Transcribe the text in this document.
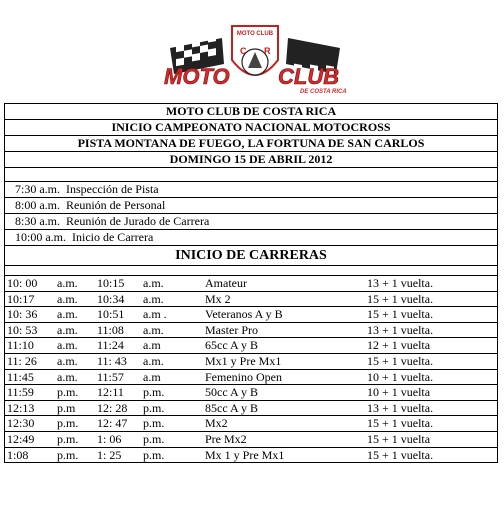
MOTO CLUB
C R
MOTO CLUB
DE COSTA RICA
MOTO CLUB DE COSTA RICA
INICIO CAMPEONATO NACIONAL MOTOCROSS
PISTA MONTANA DE FUEGO, LA FORTUNA DE SAN CARLOS
DOMINGO 15 DE ABRIL 2012

7:30 a.m.  Inspección de Pista
8:00 a.m.  Reunión de Personal
8:30 a.m.  Reunión de Jurado de Carrera
10:00 a.m.  Inicio de Carrera
INICIO DE CARRERAS

10: 00 a.m. 10:15 a.m.	Amateur	13 + 1 vuelta.

10:17 a.m. 10:34 a.m.	Mx 2	15 + 1 vuelta.

10: 36 a.m. 10:51 a.m .	Veteranos A y B	15 + 1 vuelta.

10: 53 a.m. 11:08 a.m.	Master Pro	13 + 1 vuelta.

11:10 a.m. 11:24 a.m	65cc A y B	12 + 1 vuelta

11: 26 a.m. 11: 43 a.m.	Mx1 y Pre Mx1	15 + 1 vuelta.

11:45 a.m. 11:57 a.m	Femenino Open	10 + 1 vuelta.

11:59 p.m. 12:11 p.m.	50cc A y B	10 + 1 vuelta

12:13 p.m 12: 28 p.m.	85cc A y B	13 + 1 vuelta.

12:30 p.m. 12: 47 p.m.	Mx2	15 + 1 vuelta.

12:49 p.m. 1: 06 p.m.	Pre Mx2	15 + 1 vuelta

1:08 p.m. 1: 25 p.m.	Mx 1 y Pre Mx1	15 + 1 vuelta.
